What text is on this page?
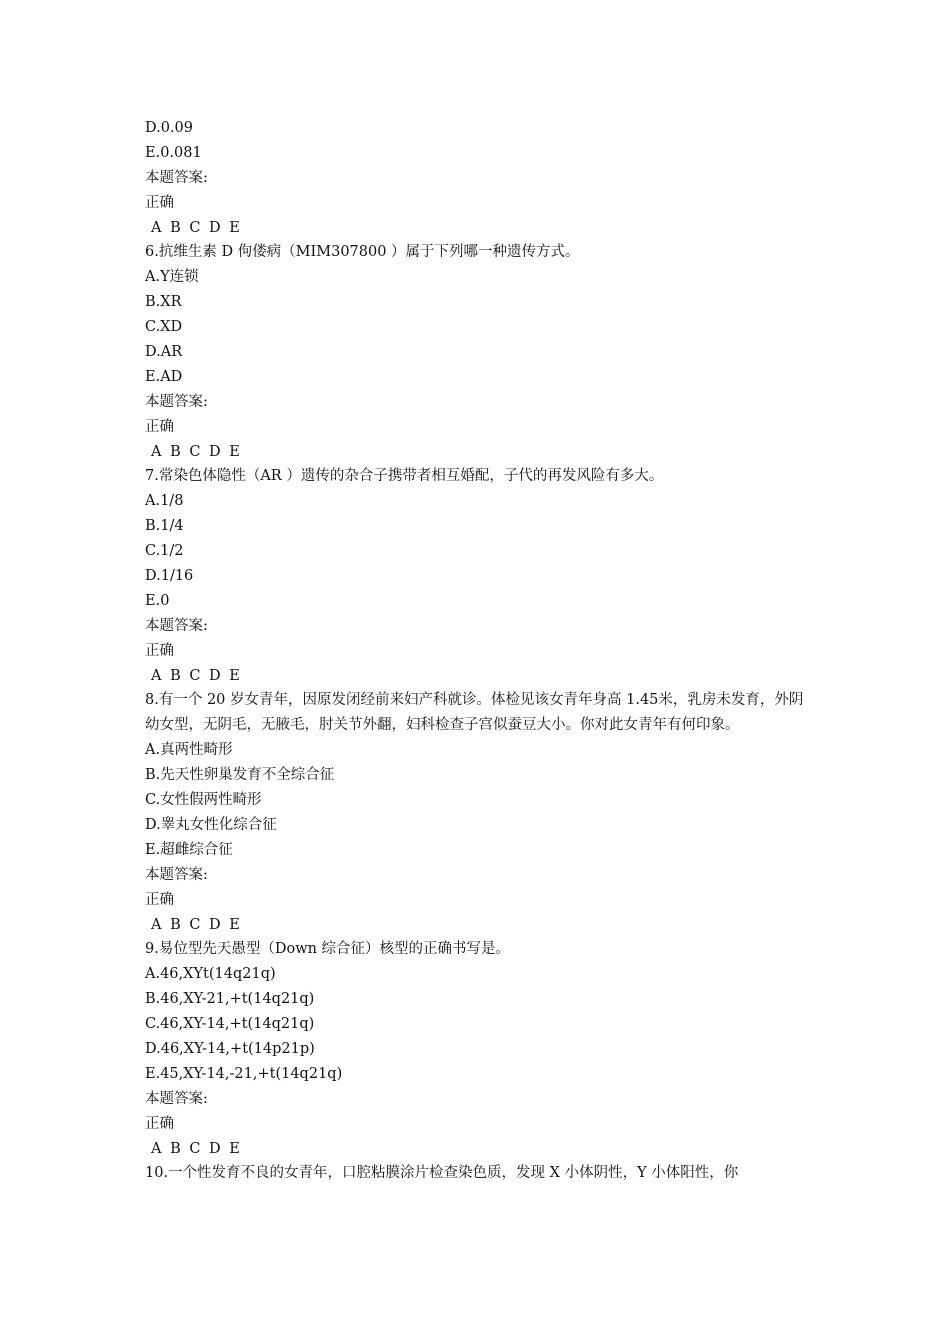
D.0.09
E.0.081
本题答案:
正确
A B C D E
6.抗维生素 D 佝偻病（MIM307800 ）属于下列哪一种遗传方式。
A.Y连锁
B.XR
C.XD
D.AR
E.AD
本题答案:
正确
A B C D E
7.常染色体隐性（AR ）遗传的杂合子携带者相互婚配，子代的再发风险有多大。
A.1/8
B.1/4
C.1/2
D.1/16
E.0
本题答案:
正确
A B C D E
8.有一个 20 岁女青年，因原发闭经前来妇产科就诊。体检见该女青年身高 1.45米，乳房未发育，外阴幼女型，无阴毛，无腋毛，肘关节外翻，妇科检查子宫似蚕豆大小。你对此女青年有何印象。
A.真两性畸形
B.先天性卵巢发育不全综合征
C.女性假两性畸形
D.睾丸女性化综合征
E.超雌综合征
本题答案:
正确
A B C D E
9.易位型先天愚型（Down 综合征）核型的正确书写是。
A.46,XYt(14q21q)
B.46,XY-21,+t(14q21q)
C.46,XY-14,+t(14q21q)
D.46,XY-14,+t(14p21p)
E.45,XY-14,-21,+t(14q21q)
本题答案:
正确
A B C D E
10.一个性发育不良的女青年，口腔粘膜涂片检查染色质，发现 X 小体阴性，Y 小体阳性，你
